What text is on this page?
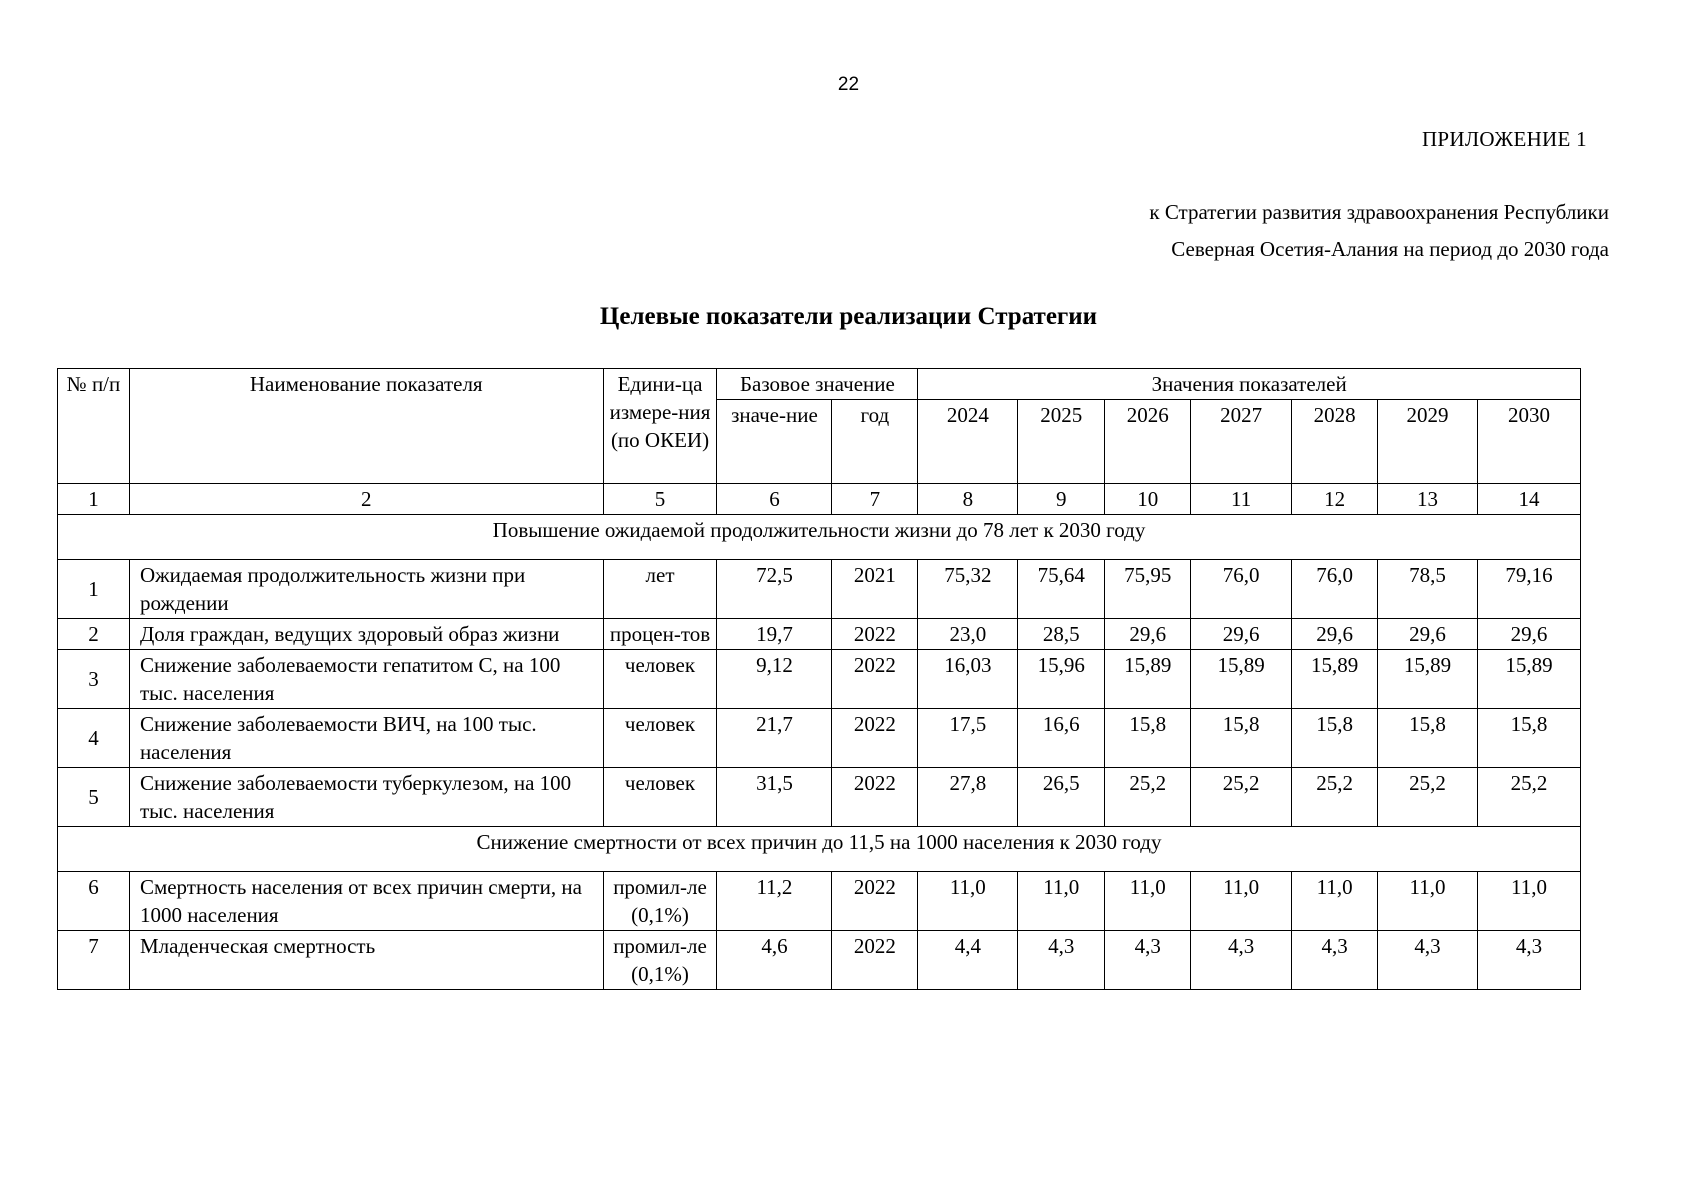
22
ПРИЛОЖЕНИЕ 1
к Стратегии развития здравоохранения Республики
Северная Осетия-Алания на период до 2030 года
Целевые показатели реализации Стратегии
№ п/п	Наименование показателя	Едини-ца измере-ния (по ОКЕИ)	Базовое значение		Значения показателей						
			значе-ние	год	2024	2025	2026	2027	2028	2029	2030
1	2	5	6	7	8	9	10	11	12	13	14
Повышение ожидаемой продолжительности жизни до 78 лет к 2030 году											
1	Ожидаемая продолжительность жизни при рождении	лет	72,5	2021	75,32	75,64	75,95	76,0	76,0	78,5	79,16
2	Доля граждан, ведущих здоровый образ жизни	процен-тов	19,7	2022	23,0	28,5	29,6	29,6	29,6	29,6	29,6
3	Снижение заболеваемости гепатитом С, на 100 тыс. населения	человек	9,12	2022	16,03	15,96	15,89	15,89	15,89	15,89	15,89
4	Снижение заболеваемости ВИЧ, на 100 тыс. населения	человек	21,7	2022	17,5	16,6	15,8	15,8	15,8	15,8	15,8
5	Снижение заболеваемости туберкулезом, на 100 тыс. населения	человек	31,5	2022	27,8	26,5	25,2	25,2	25,2	25,2	25,2
Снижение смертности от всех причин до 11,5 на 1000 населения к 2030 году											
6	Смертность населения от всех причин смерти, на 1000 населения	промил-ле (0,1%)	11,2	2022	11,0	11,0	11,0	11,0	11,0	11,0	11,0
7	Младенческая смертность	промил-ле (0,1%)	4,6	2022	4,4	4,3	4,3	4,3	4,3	4,3	4,3
